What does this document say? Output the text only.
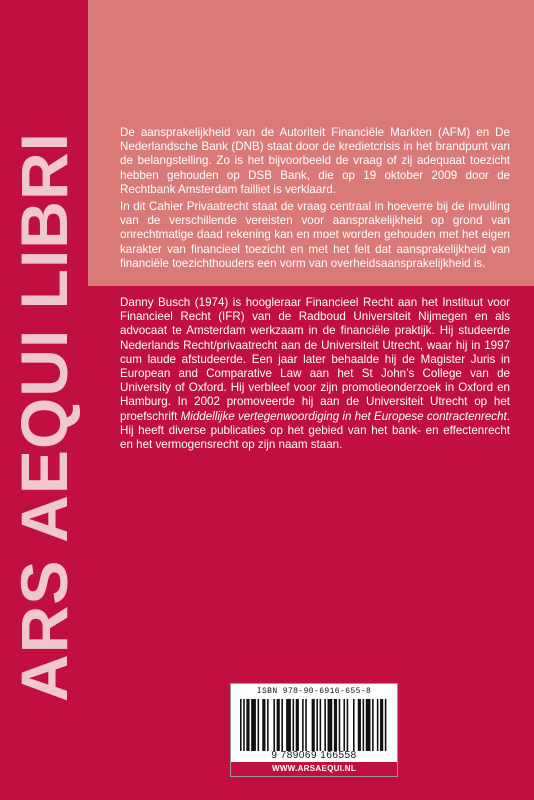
ARS AEQUI LIBRI	De aansprakelijkheid van de Autoriteit Financiële Markten (AFM) en De Nederlandsche Bank (DNB) staat door de kredietcrisis in het brandpunt van de belangstelling. Zo is het bijvoorbeeld de vraag of zij adequaat toezicht hebben gehouden op DSB Bank, die op 19 oktober 2009 door de Rechtbank Amsterdam failliet is verklaard.

In dit Cahier Privaatrecht staat de vraag centraal in hoeverre bij de invulling van de verschillende vereisten voor aansprakelijkheid op grond van onrechtmatige daad rekening kan en moet worden gehouden met het eigen karakter van financieel toezicht en met het feit dat aansprakelijkheid van financiële toezichthouders een vorm van overheidsaansprakelijkheid is.

Danny Busch (1974) is hoogleraar Financieel Recht aan het Instituut voor Financieel Recht (IFR) van de Radboud Universiteit Nijmegen en als advocaat te Amsterdam werkzaam in de financiële praktijk. Hij studeerde Nederlands Recht/privaatrecht aan de Universiteit Utrecht, waar hij in 1997 cum laude afstudeerde. Een jaar later behaalde hij de Magister Juris in European and Comparative Law aan het St John’s College van de University of Oxford. Hij verbleef voor zijn promotieonderzoek in Oxford en Hamburg. In 2002 promoveerde hij aan de Universiteit Utrecht op het proefschrift Middellijke vertegenwoordiging in het Europese contractenrecht. Hij heeft diverse publicaties op het gebied van het bank- en effectenrecht en het vermogensrecht op zijn naam staan.

ISBN 978-90-6916-655-8
9 789069 166558
WWW.ARSAEQUI.NL
